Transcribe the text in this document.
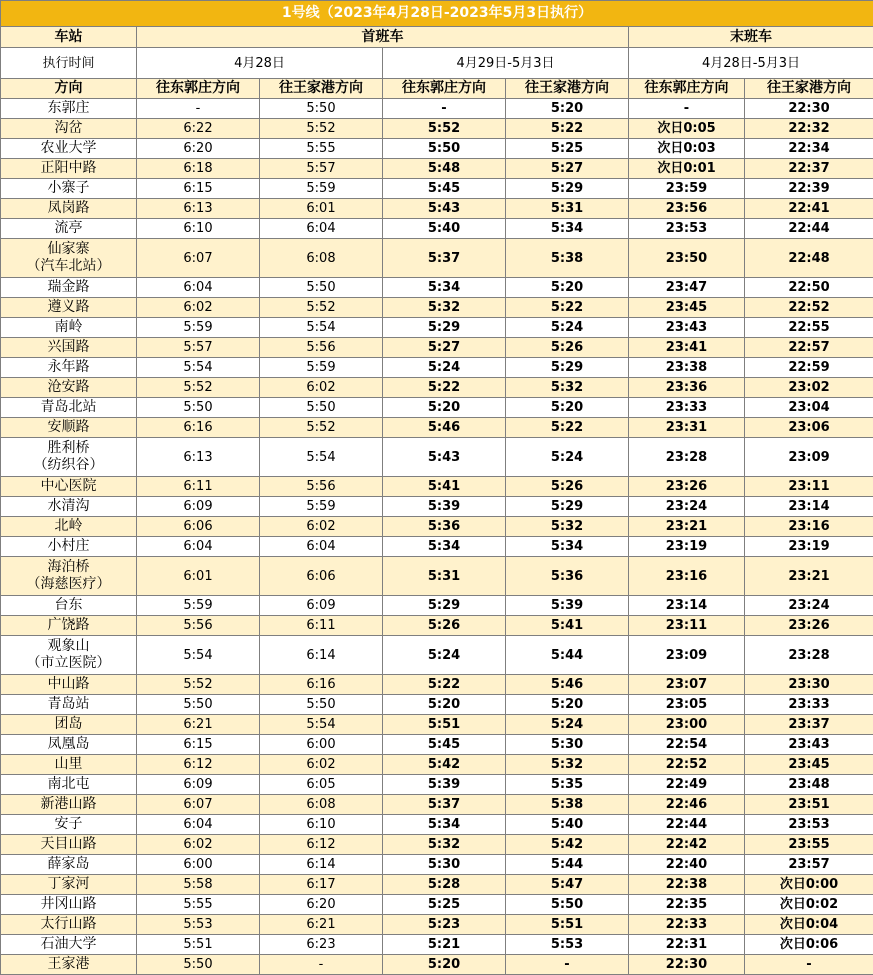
1号线（2023年4月28日-2023年5月3日执行）						
车站	首班车				末班车	
执行时间	4月28日		4月29日-5月3日		4月28日-5月3日	
方向	往东郭庄方向	往王家港方向	往东郭庄方向	往王家港方向	往东郭庄方向	往王家港方向

东郭庄	-	5:50	-	5:20	-	22:30

沟岔	6:22	5:52	5:52	5:22	次日0:05	22:32

农业大学	6:20	5:55	5:50	5:25	次日0:03	22:34

正阳中路	6:18	5:57	5:48	5:27	次日0:01	22:37

小寨子	6:15	5:59	5:45	5:29	23:59	22:39

凤岗路	6:13	6:01	5:43	5:31	23:56	22:41

流亭	6:10	6:04	5:40	5:34	23:53	22:44

仙家寨
（汽车北站）	6:07	6:08	5:37	5:38	23:50	22:48

瑞金路	6:04	5:50	5:34	5:20	23:47	22:50

遵义路	6:02	5:52	5:32	5:22	23:45	22:52

南岭	5:59	5:54	5:29	5:24	23:43	22:55

兴国路	5:57	5:56	5:27	5:26	23:41	22:57

永年路	5:54	5:59	5:24	5:29	23:38	22:59

沧安路	5:52	6:02	5:22	5:32	23:36	23:02

青岛北站	5:50	5:50	5:20	5:20	23:33	23:04

安顺路	6:16	5:52	5:46	5:22	23:31	23:06

胜利桥
（纺织谷）	6:13	5:54	5:43	5:24	23:28	23:09

中心医院	6:11	5:56	5:41	5:26	23:26	23:11

水清沟	6:09	5:59	5:39	5:29	23:24	23:14

北岭	6:06	6:02	5:36	5:32	23:21	23:16

小村庄	6:04	6:04	5:34	5:34	23:19	23:19

海泊桥
（海慈医疗）	6:01	6:06	5:31	5:36	23:16	23:21

台东	5:59	6:09	5:29	5:39	23:14	23:24

广饶路	5:56	6:11	5:26	5:41	23:11	23:26

观象山
（市立医院）	5:54	6:14	5:24	5:44	23:09	23:28

中山路	5:52	6:16	5:22	5:46	23:07	23:30

青岛站	5:50	5:50	5:20	5:20	23:05	23:33

团岛	6:21	5:54	5:51	5:24	23:00	23:37

凤凰岛	6:15	6:00	5:45	5:30	22:54	23:43

山里	6:12	6:02	5:42	5:32	22:52	23:45

南北屯	6:09	6:05	5:39	5:35	22:49	23:48

新港山路	6:07	6:08	5:37	5:38	22:46	23:51

安子	6:04	6:10	5:34	5:40	22:44	23:53

天目山路	6:02	6:12	5:32	5:42	22:42	23:55

薛家岛	6:00	6:14	5:30	5:44	22:40	23:57

丁家河	5:58	6:17	5:28	5:47	22:38	次日0:00

井冈山路	5:55	6:20	5:25	5:50	22:35	次日0:02

太行山路	5:53	6:21	5:23	5:51	22:33	次日0:04

石油大学	5:51	6:23	5:21	5:53	22:31	次日0:06

王家港	5:50	-	5:20	-	22:30	-
